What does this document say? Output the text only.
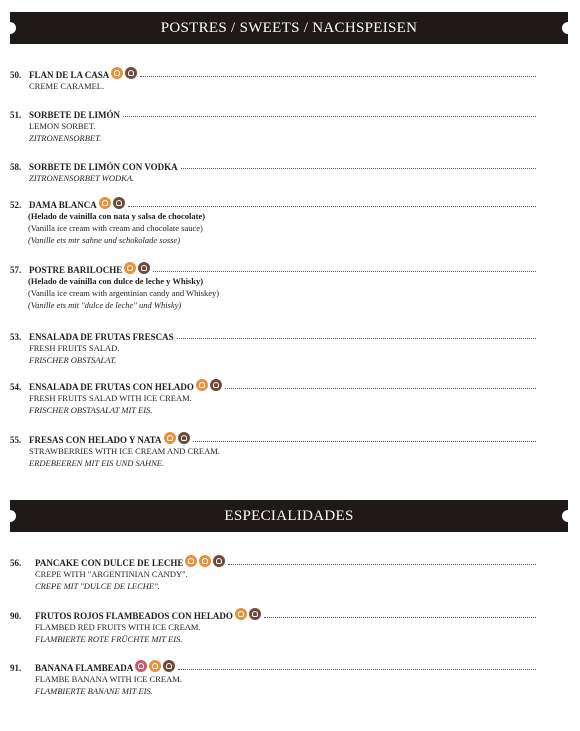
POSTRES / SWEETS / NACHSPEISEN
ESPECIALIDADES
50. FLAN DE LA CASA
CREME CARAMEL.
51. SORBETE DE LIMÓN
LEMON SORBET.
ZITRONENSORBET.
58. SORBETE DE LIMÓN CON VODKA
ZITRONENSORBET WODKA.
52. DAMA BLANCA
(Helado de vainilla con nata y salsa de chocolate)
(Vanilla ice cream with cream and chocolate sauce)
(Vanille ets mtr sahne und schokolade sosse)
57. POSTRE BARILOCHE
(Helado de vainilla con dulce de leche y Whisky)
(Vanilla ice cream with argentinian candy and Whiskey)
(Vanille ets mit "dulce de leche" und Whisky)
53. ENSALADA DE FRUTAS FRESCAS
FRESH FRUITS SALAD.
FRISCHER OBSTSALAT.
54. ENSALADA DE FRUTAS CON HELADO
FRESH FRUITS SALAD WITH ICE CREAM.
FRISCHER OBSTASALAT MIT EIS.
55. FRESAS CON HELADO Y NATA
STRAWBERRIES WITH ICE CREAM AND CREAM.
ERDEBEEREN MIT EIS UND SAHNE.
56.	PANCAKE CON DULCE DE LECHE
CREPE WITH "ARGENTINIAN CANDY".
CREPE MIT "DULCE DE LECHE".
90.	FRUTOS ROJOS FLAMBEADOS CON HELADO
FLAMBED RED FRUITS WITH ICE CREAM.
FLAMBIERTE ROTE FRÜCHTE MIT EIS.
91.	BANANA FLAMBEADA
FLAMBE BANANA WITH ICE CREAM.
FLAMBIERTE BANANE MIT EIS.
